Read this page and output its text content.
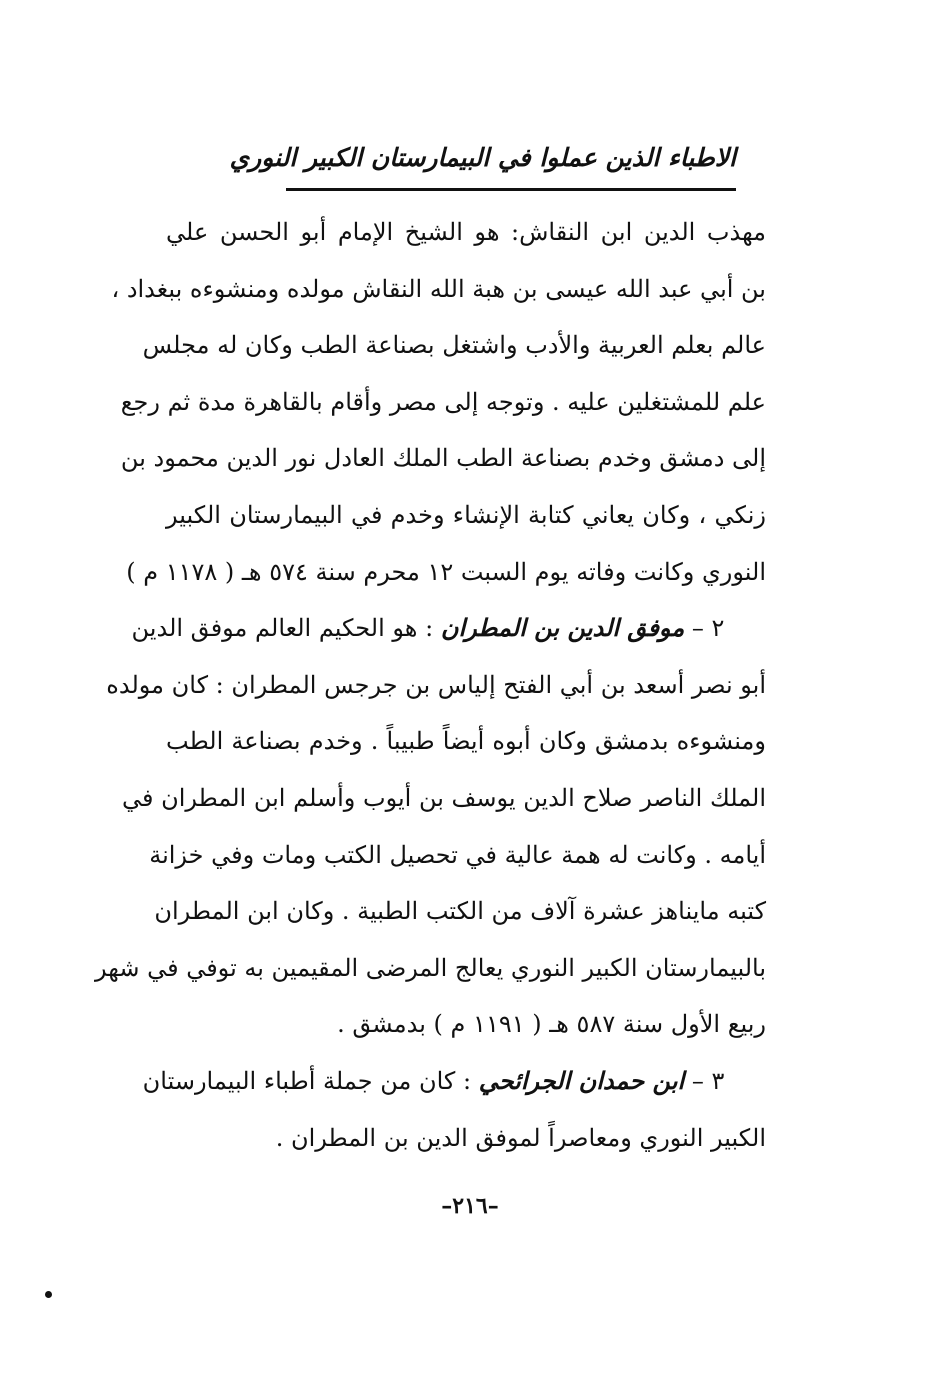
الاطباء الذين عملوا في البيمارستان الكبير النوري
مهذب الدين ابن النقاش: هو الشيخ الإمام أبو الحسن علي
بن أبي عبد الله عيسى بن هبة الله النقاش مولده ومنشوءه ببغداد ،
عالم بعلم العربية والأدب واشتغل بصناعة الطب وكان له مجلس
علم للمشتغلين عليه . وتوجه إلى مصر وأقام بالقاهرة مدة ثم رجع
إلى دمشق وخدم بصناعة الطب الملك العادل نور الدين محمود بن
زنكي ، وكان يعاني كتابة الإنشاء وخدم في البيمارستان الكبير
النوري وكانت وفاته يوم السبت ١٢ محرم سنة ٥٧٤ هـ ( ١١٧٨ م )
٢ – موفق الدين بن المطران : هو الحكيم العالم موفق الدين
أبو نصر أسعد بن أبي الفتح إلياس بن جرجس المطران : كان مولده
ومنشوءه بدمشق وكان أبوه أيضاً طبيباً . وخدم بصناعة الطب
الملك الناصر صلاح الدين يوسف بن أيوب وأسلم ابن المطران في
أيامه . وكانت له همة عالية في تحصيل الكتب ومات وفي خزانة
كتبه مايناهز عشرة آلاف من الكتب الطبية . وكان ابن المطران
بالبيمارستان الكبير النوري يعالج المرضى المقيمين به توفي في شهر
ربيع الأول سنة ٥٨٧ هـ ( ١١٩١ م ) بدمشق .
٣ – ابن حمدان الجرائحي : كان من جملة أطباء البيمارستان
الكبير النوري ومعاصراً لموفق الدين بن المطران .
–٢١٦–
